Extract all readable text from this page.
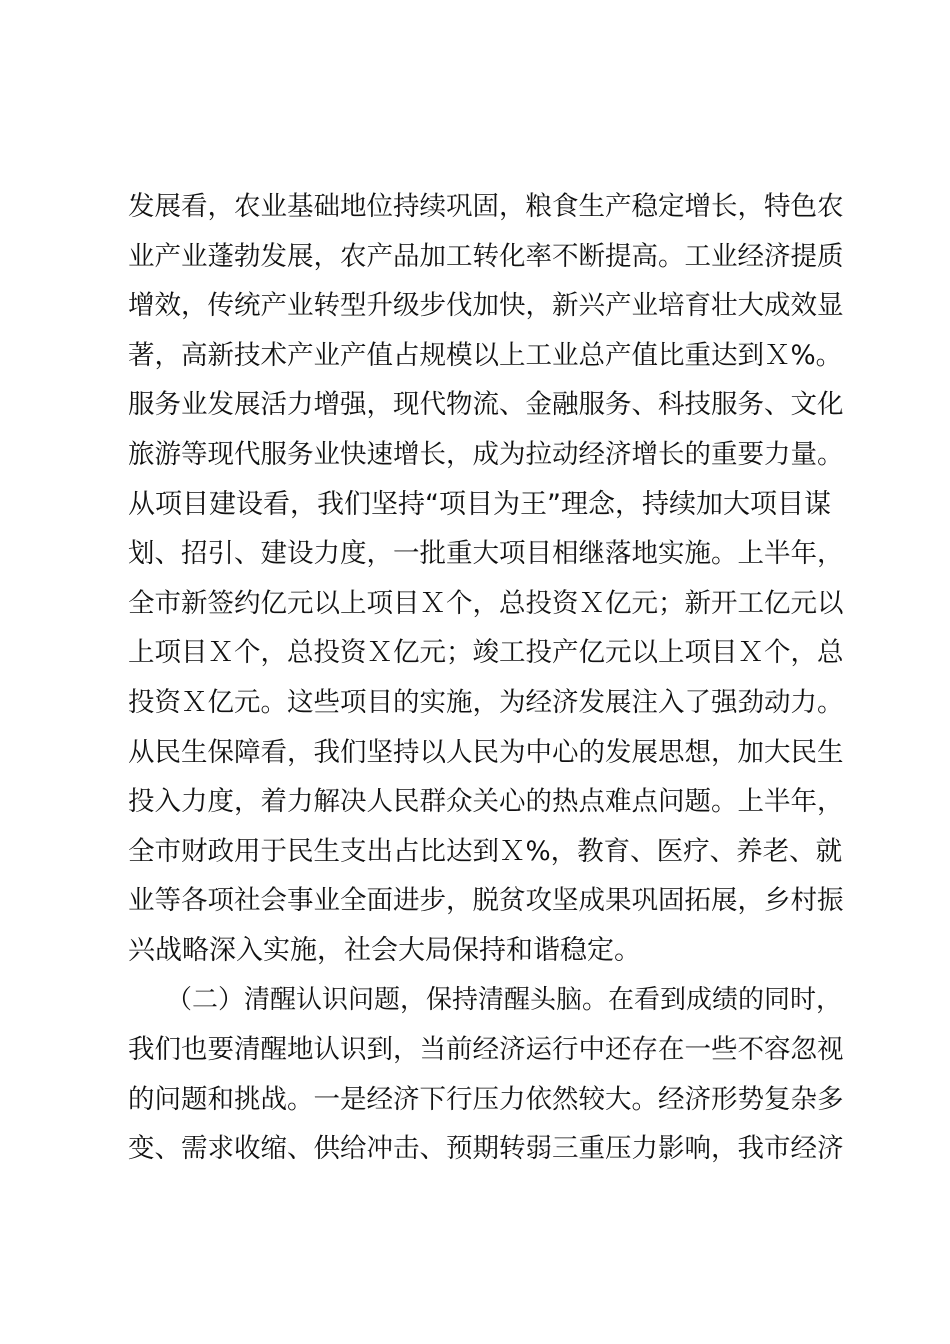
发展看，农业基础地位持续巩固，粮食生产稳定增长，特色农
业产业蓬勃发展，农产品加工转化率不断提高。工业经济提质
增效，传统产业转型升级步伐加快，新兴产业培育壮大成效显
著，高新技术产业产值占规模以上工业总产值比重达到Ｘ%。
服务业发展活力增强，现代物流、金融服务、科技服务、文化
旅游等现代服务业快速增长，成为拉动经济增长的重要力量。
从项目建设看，我们坚持“项目为王”理念，持续加大项目谋
划、招引、建设力度，一批重大项目相继落地实施。上半年，
全市新签约亿元以上项目Ｘ个，总投资Ｘ亿元；新开工亿元以
上项目Ｘ个，总投资Ｘ亿元；竣工投产亿元以上项目Ｘ个，总
投资Ｘ亿元。这些项目的实施，为经济发展注入了强劲动力。
从民生保障看，我们坚持以人民为中心的发展思想，加大民生
投入力度，着力解决人民群众关心的热点难点问题。上半年，
全市财政用于民生支出占比达到Ｘ%，教育、医疗、养老、就
业等各项社会事业全面进步，脱贫攻坚成果巩固拓展，乡村振
兴战略深入实施，社会大局保持和谐稳定。
（二）清醒认识问题，保持清醒头脑。在看到成绩的同时，
我们也要清醒地认识到，当前经济运行中还存在一些不容忽视
的问题和挑战。一是经济下行压力依然较大。经济形势复杂多
变、需求收缩、供给冲击、预期转弱三重压力影响，我市经济
